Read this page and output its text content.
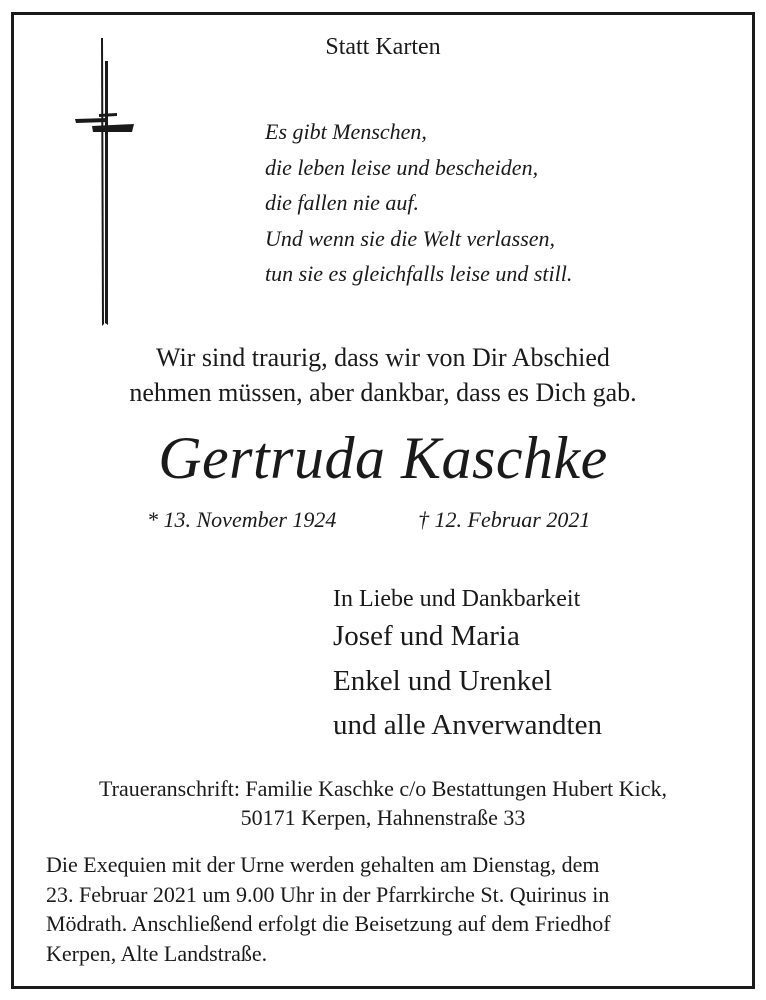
Statt Karten
Es gibt Menschen,
die leben leise und bescheiden,
die fallen nie auf.
Und wenn sie die Welt verlassen,
tun sie es gleichfalls leise und still.
Wir sind traurig, dass wir von Dir Abschied
nehmen müssen, aber dankbar, dass es Dich gab.
Gertruda Kaschke
* 13. November 1924	† 12. Februar 2021
In Liebe und Dankbarkeit
Josef und Maria
Enkel und Urenkel
und alle Anverwandten
Traueranschrift: Familie Kaschke c/o Bestattungen Hubert Kick,
50171 Kerpen, Hahnenstraße 33
Die Exequien mit der Urne werden gehalten am Dienstag, dem
23. Februar 2021 um 9.00 Uhr in der Pfarrkirche St. Quirinus in
Mödrath. Anschließend erfolgt die Beisetzung auf dem Friedhof
Kerpen, Alte Landstraße.
